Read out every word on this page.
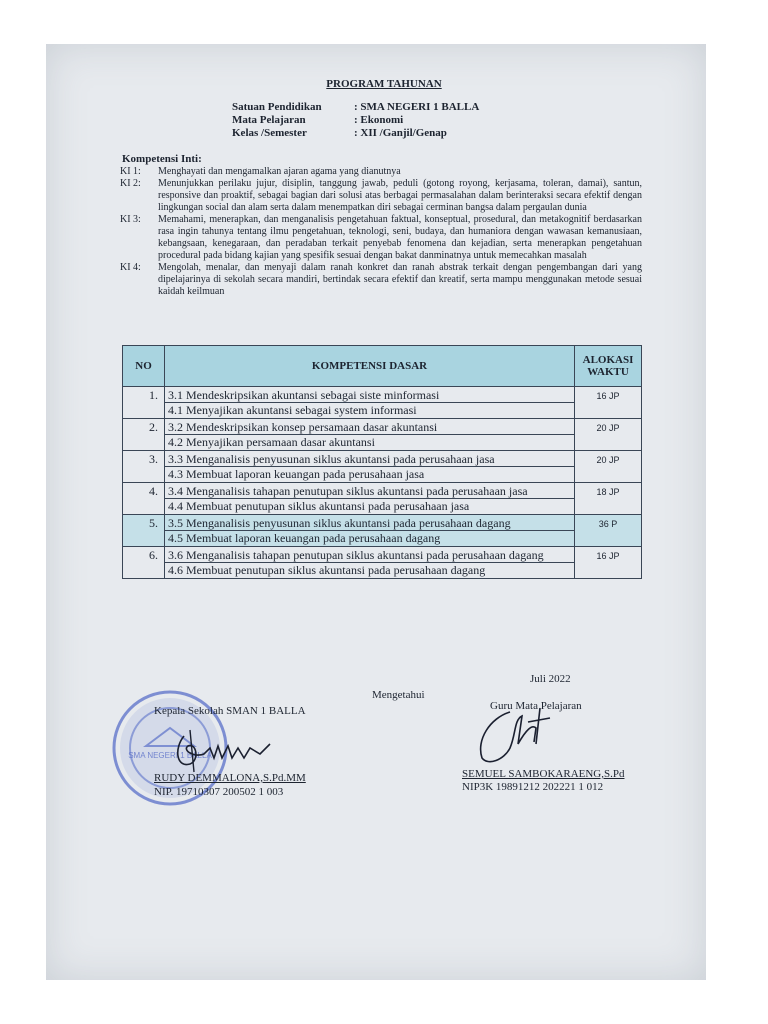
PROGRAM TAHUNAN
Satuan Pendidikan	: SMA NEGERI 1 BALLA
Mata Pelajaran	: Ekonomi
Kelas /Semester	: XII /Ganjil/Genap
Kompetensi Inti:
KI 1:	Menghayati dan mengamalkan ajaran agama yang dianutnya
KI 2:	Menunjukkan perilaku jujur, disiplin, tanggung jawab, peduli (gotong royong, kerjasama, toleran, damai), santun, responsive dan proaktif, sebagai bagian dari solusi atas berbagai permasalahan dalam berinteraksi secara efektif dengan lingkungan social dan alam serta dalam menempatkan diri sebagai cerminan bangsa dalam pergaulan dunia
KI 3:	Memahami, menerapkan, dan menganalisis pengetahuan faktual, konseptual, prosedural, dan metakognitif berdasarkan rasa ingin tahunya tentang ilmu pengetahuan, teknologi, seni, budaya, dan humaniora dengan wawasan kemanusiaan, kebangsaan, kenegaraan, dan peradaban terkait penyebab fenomena dan kejadian, serta menerapkan pengetahuan procedural pada bidang kajian yang spesifik sesuai dengan bakat danminatnya untuk memecahkan masalah
KI 4:	Mengolah, menalar, dan menyaji dalam ranah konkret dan ranah abstrak terkait dengan pengembangan dari yang dipelajarinya di sekolah secara mandiri, bertindak secara efektif dan kreatif, serta mampu menggunakan metode sesuai kaidah keilmuan
NO	KOMPETENSI DASAR	ALOKASI WAKTU
1.	3.1 Mendeskripsikan akuntansi sebagai siste minformasi
4.1 Menyajikan akuntansi sebagai system informasi	16 JP
2.	3.2 Mendeskripsikan konsep persamaan dasar akuntansi
4.2 Menyajikan persamaan dasar akuntansi	20 JP
3.	3.3 Menganalisis penyusunan siklus akuntansi pada perusahaan jasa
4.3 Membuat laporan keuangan pada perusahaan jasa	20 JP
4.	3.4 Menganalisis tahapan penutupan siklus akuntansi pada perusahaan jasa
4.4 Membuat penutupan siklus akuntansi pada perusahaan jasa	18 JP
5.	3.5 Menganalisis penyusunan siklus akuntansi pada perusahaan dagang
4.5 Membuat laporan keuangan pada perusahaan dagang	36 P
6.	3.6 Menganalisis tahapan penutupan siklus akuntansi pada perusahaan dagang
4.6 Membuat penutupan siklus akuntansi pada perusahaan dagang	16 JP
SMA NEGERI 1 BALLA
Juli 2022
Mengetahui
Kepala Sekolah SMAN 1 BALLA	Guru Mata Pelajaran
RUDY DEMMALONA,S.Pd.MM
NIP. 19710307 200502 1 003
SEMUEL SAMBOKARAENG,S.Pd
NIP3K 19891212 202221 1 012
